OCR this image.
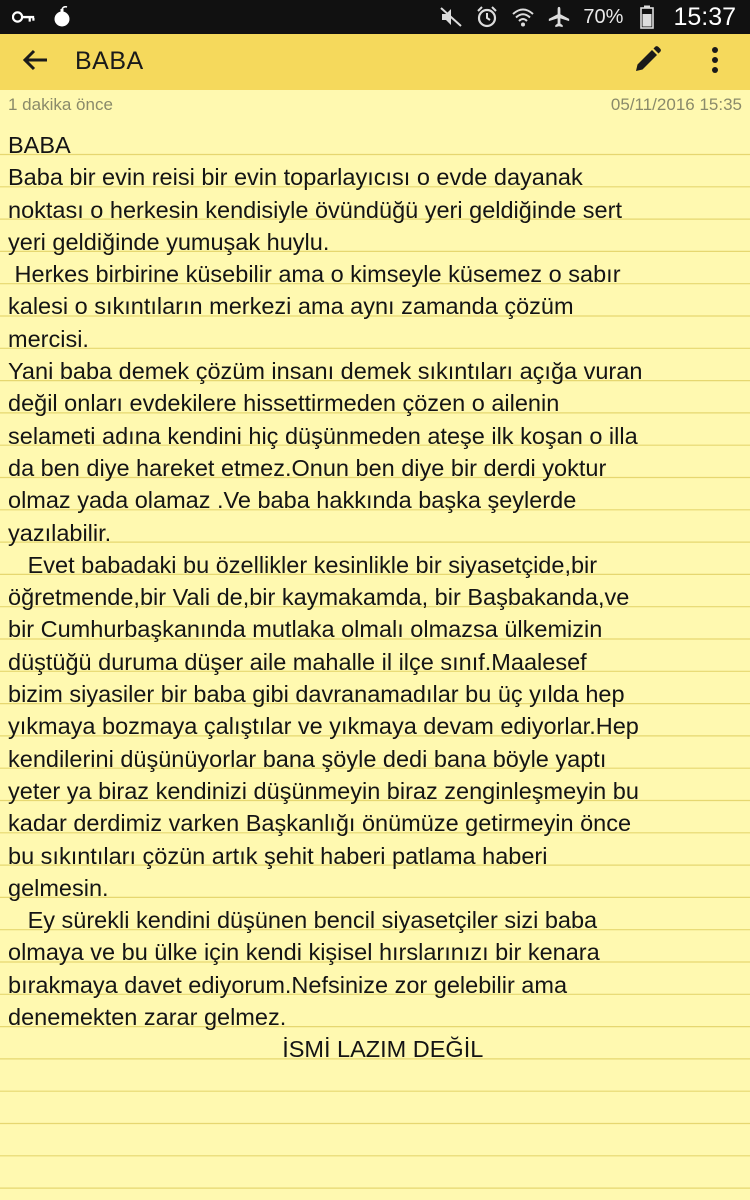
70% 15:37
BABA
1 dakika önce	05/11/2016 15:35
BABA
Baba bir evin reisi bir evin toparlayıcısı o evde dayanak
noktası o herkesin kendisiyle övündüğü yeri geldiğinde sert
yeri geldiğinde yumuşak huylu.
Herkes birbirine küsebilir ama o kimseyle küsemez o sabır
kalesi o sıkıntıların merkezi ama aynı zamanda çözüm
mercisi.
Yani baba demek çözüm insanı demek sıkıntıları açığa vuran
değil onları evdekilere hissettirmeden çözen o ailenin
selameti adına kendini hiç düşünmeden ateşe ilk koşan o illa
da ben diye hareket etmez.Onun ben diye bir derdi yoktur
olmaz yada olamaz .Ve baba hakkında başka şeylerde
yazılabilir.
Evet babadaki bu özellikler kesinlikle bir siyasetçide,bir
öğretmende,bir Vali de,bir kaymakamda, bir Başbakanda,ve
bir Cumhurbaşkanında mutlaka olmalı olmazsa ülkemizin
düştüğü duruma düşer aile mahalle il ilçe sınıf.Maalesef
bizim siyasiler bir baba gibi davranamadılar bu üç yılda hep
yıkmaya bozmaya çalıştılar ve yıkmaya devam ediyorlar.Hep
kendilerini düşünüyorlar bana şöyle dedi bana böyle yaptı
yeter ya biraz kendinizi düşünmeyin biraz zenginleşmeyin bu
kadar derdimiz varken Başkanlığı önümüze getirmeyin önce
bu sıkıntıları çözün artık şehit haberi patlama haberi
gelmesin.
Ey sürekli kendini düşünen bencil siyasetçiler sizi baba
olmaya ve bu ülke için kendi kişisel hırslarınızı bir kenara
bırakmaya davet ediyorum.Nefsinize zor gelebilir ama
denemekten zarar gelmez.
İSMİ LAZIM DEĞİL
